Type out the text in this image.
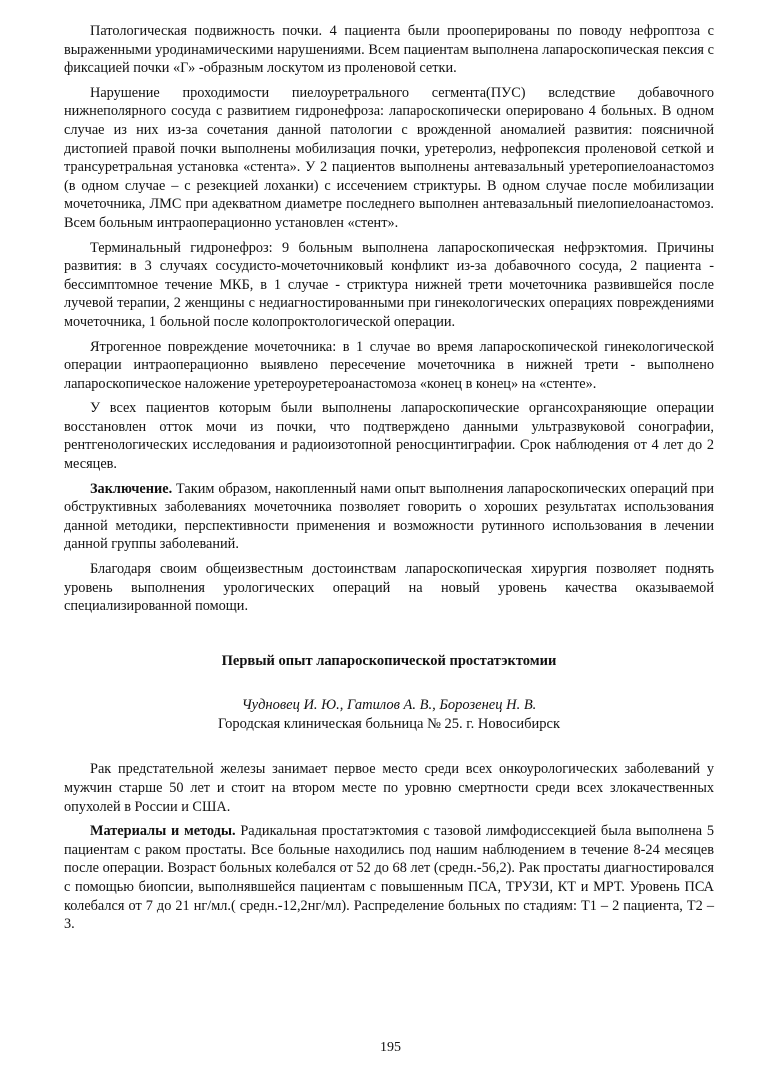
Патологическая подвижность почки. 4 пациента были прооперированы по поводу нефроптоза с выраженными уродинамическими нарушениями. Всем пациентам выполнена лапароскопическая пексия с фиксацией почки «Г» -образным лоскутом из проленовой сетки.

Нарушение проходимости пиелоуретрального сегмента(ПУС) вследствие добавочного нижнеполярного сосуда с развитием гидронефроза: лапароскопически оперировано 4 больных. В одном случае из них из-за сочетания данной патологии с врожденной аномалией развития: поясничной дистопией правой почки выполнены мобилизация почки, уретеролиз, нефропексия проленовой сеткой и трансуретральная установка «стента». У 2 пациентов выполнены антевазальный уретеропиелоанастомоз (в одном случае – с резекцией лоханки) с иссечением стриктуры. В одном случае после мобилизации мочеточника, ЛМС при адекватном диаметре последнего выполнен антевазальный пиелопиелоанастомоз. Всем больным интраоперационно установлен «стент».

Терминальный гидронефроз: 9 больным выполнена лапароскопическая нефрэктомия. Причины развития: в 3 случаях сосудисто-мочеточниковый конфликт из-за добавочного сосуда, 2 пациента - бессимптомное течение МКБ, в 1 случае - стриктура нижней трети мочеточника развившейся после лучевой терапии, 2 женщины с недиагностированными при гинекологических операциях повреждениями мочеточника, 1 больной после колопроктологической операции.

Ятрогенное повреждение мочеточника: в 1 случае во время лапароскопической гинекологической операции интраоперационно выявлено пересечение мочеточника в нижней трети - выполнено лапароскопическое наложение уретероуретероанастомоза «конец в конец» на «стенте».

У всех пациентов которым были выполнены лапароскопические органсохраняющие операции восстановлен отток мочи из почки, что подтверждено данными ультразвуковой сонографии, рентгенологических исследования и радиоизотопной реносцинтиграфии. Срок наблюдения от 4 лет до 2 месяцев.

Заключение. Таким образом, накопленный нами опыт выполнения лапароскопических операций при обструктивных заболеваниях мочеточника позволяет говорить о хороших результатах использования данной методики, перспективности применения и возможности рутинного использования в лечении данной группы заболеваний.

Благодаря своим общеизвестным достоинствам лапароскопическая хирургия позволяет поднять уровень выполнения урологических операций на новый уровень качества оказываемой специализированной помощи.

Первый опыт лапароскопической простатэктомии

Чудновец И. Ю., Гатилов А. В., Борозенец Н. В.

Городская клиническая больница № 25. г. Новосибирск

Рак предстательной железы занимает первое место среди всех онкоурологических заболеваний у мужчин старше 50 лет и стоит на втором месте по уровню смертности среди всех злокачественных опухолей в России и США.

Материалы и методы. Радикальная простатэктомия с тазовой лимфодиссекцией была выполнена 5 пациентам с раком простаты. Все больные находились под нашим наблюдением в течение 8-24 месяцев после операции. Возраст больных колебался от 52 до 68 лет (средн.-56,2). Рак простаты диагностировался с помощью биопсии, выполнявшейся пациентам с повышенным ПСА, ТРУЗИ, КТ и МРТ. Уровень ПСА колебался от 7 до 21 нг/мл.( средн.-12,2нг/мл). Распределение больных по стадиям: Т1 – 2 пациента, Т2 – 3.

195
